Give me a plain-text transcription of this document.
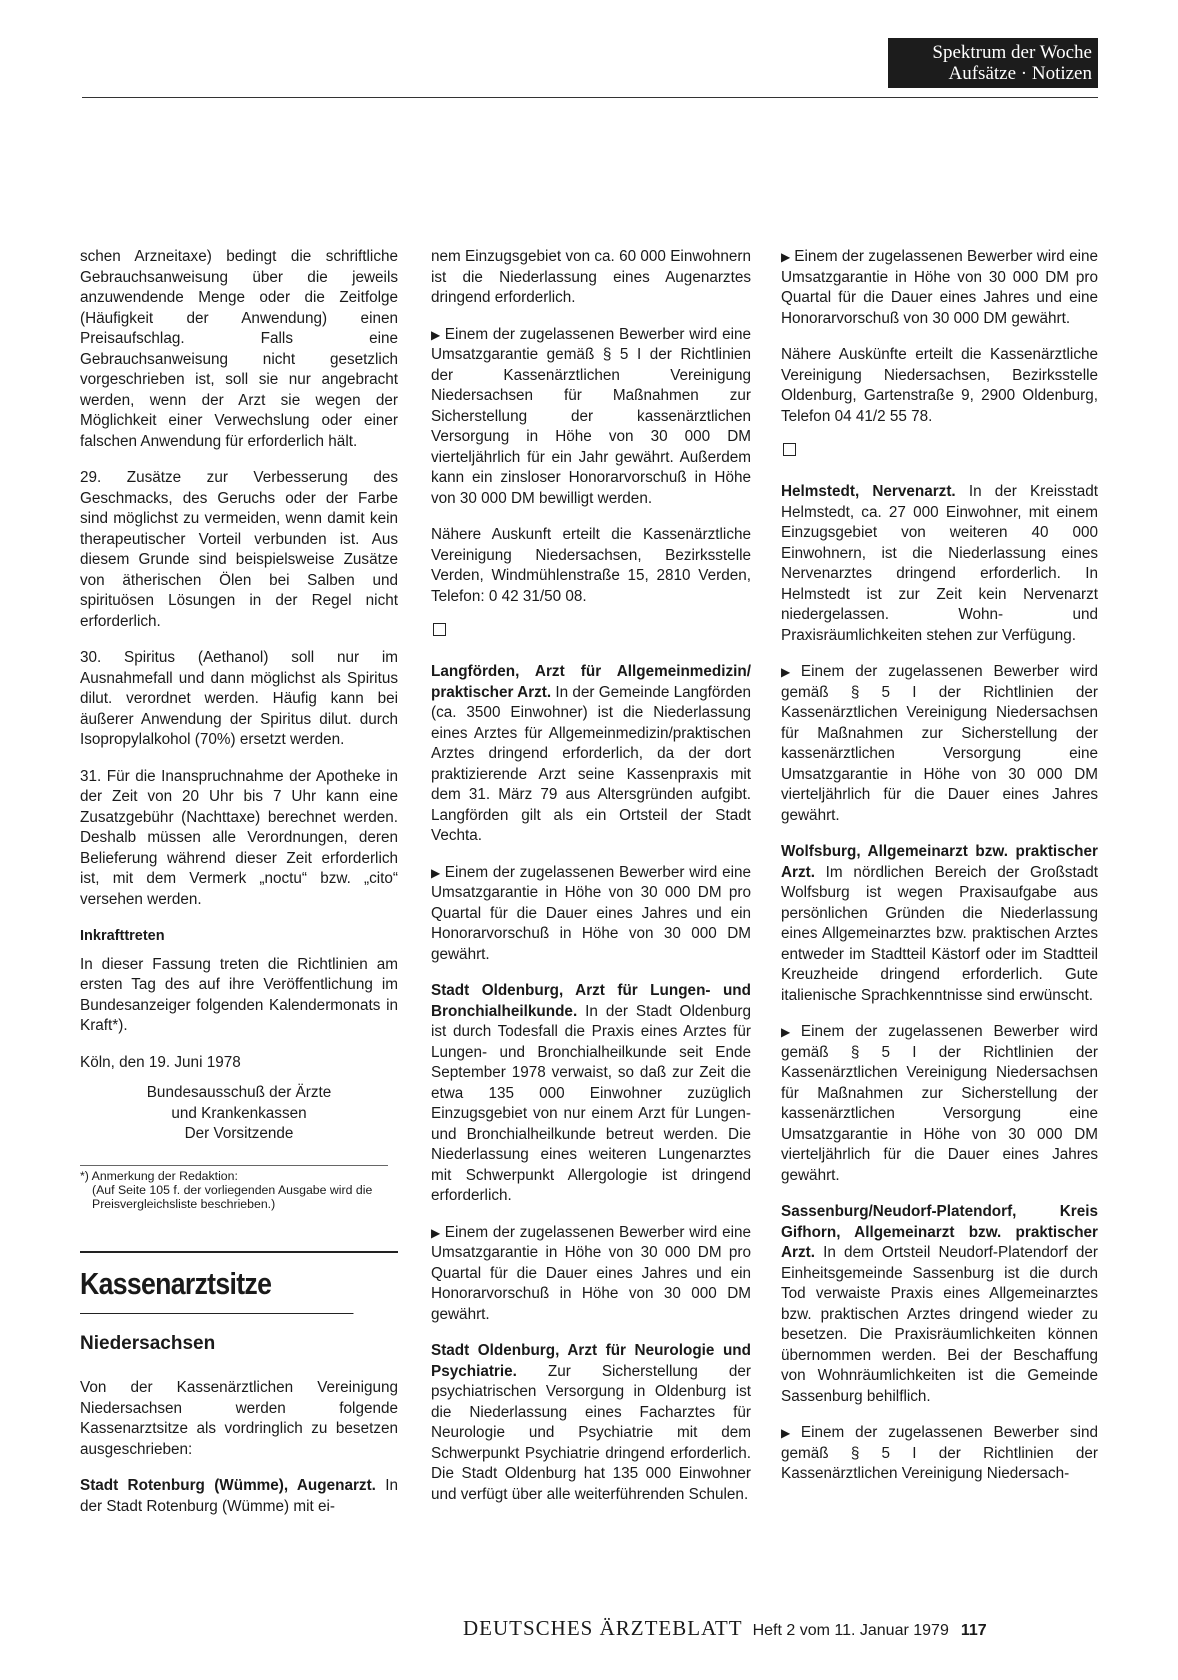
Spektrum der Woche
Aufsätze · Notizen

schen Arzneitaxe) bedingt die schriftliche Gebrauchsanweisung über die jeweils anzuwendende Menge oder die Zeitfolge (Häufigkeit der Anwendung) einen Preisaufschlag. Falls eine Gebrauchsanweisung nicht gesetzlich vorgeschrieben ist, soll sie nur angebracht werden, wenn der Arzt sie wegen der Möglichkeit einer Verwechslung oder einer falschen Anwendung für erforderlich hält.

29. Zusätze zur Verbesserung des Geschmacks, des Geruchs oder der Farbe sind möglichst zu vermeiden, wenn damit kein therapeutischer Vorteil verbunden ist. Aus diesem Grunde sind beispielsweise Zusätze von ätherischen Ölen bei Salben und spirituösen Lösungen in der Regel nicht erforderlich.

30. Spiritus (Aethanol) soll nur im Ausnahmefall und dann möglichst als Spiritus dilut. verordnet werden. Häufig kann bei äußerer Anwendung der Spiritus dilut. durch Isopropylalkohol (70%) ersetzt werden.

31. Für die Inanspruchnahme der Apotheke in der Zeit von 20 Uhr bis 7 Uhr kann eine Zusatzgebühr (Nachttaxe) berechnet werden. Deshalb müssen alle Verordnungen, deren Belieferung während dieser Zeit erforderlich ist, mit dem Vermerk „noctu“ bzw. „cito“ versehen werden.

Inkrafttreten

In dieser Fassung treten die Richtlinien am ersten Tag des auf ihre Veröffentlichung im Bundesanzeiger folgenden Kalendermonats in Kraft*).

Köln, den 19. Juni 1978
Bundesausschuß der Ärzte
und Krankenkassen
Der Vorsitzende
*) Anmerkung der Redaktion:
(Auf Seite 105 f. der vorliegenden Ausgabe wird die Preisvergleichsliste beschrieben.)
Kassenarztsitze
Niedersachsen

Von der Kassenärztlichen Vereinigung Niedersachsen werden folgende Kassenarztsitze als vordringlich zu besetzen ausgeschrieben:

Stadt Rotenburg (Wümme), Augenarzt. In der Stadt Rotenburg (Wümme) mit ei-

nem Einzugsgebiet von ca. 60 000 Einwohnern ist die Niederlassung eines Augenarztes dringend erforderlich.

▶ Einem der zugelassenen Bewerber wird eine Umsatzgarantie gemäß § 5 I der Richtlinien der Kassenärztlichen Vereinigung Niedersachsen für Maßnahmen zur Sicherstellung der kassenärztlichen Versorgung in Höhe von 30 000 DM vierteljährlich für ein Jahr gewährt. Außerdem kann ein zinsloser Honorarvorschuß in Höhe von 30 000 DM bewilligt werden.

Nähere Auskunft erteilt die Kassenärztliche Vereinigung Niedersachsen, Bezirksstelle Verden, Windmühlenstraße 15, 2810 Verden, Telefon: 0 42 31/50 08.

Langförden, Arzt für Allgemeinmedizin/ praktischer Arzt. In der Gemeinde Langförden (ca. 3500 Einwohner) ist die Niederlassung eines Arztes für Allgemeinmedizin/praktischen Arztes dringend erforderlich, da der dort praktizierende Arzt seine Kassenpraxis mit dem 31. März 79 aus Altersgründen aufgibt. Langförden gilt als ein Ortsteil der Stadt Vechta.

▶ Einem der zugelassenen Bewerber wird eine Umsatzgarantie in Höhe von 30 000 DM pro Quartal für die Dauer eines Jahres und ein Honorarvorschuß in Höhe von 30 000 DM gewährt.

Stadt Oldenburg, Arzt für Lungen- und Bronchialheilkunde. In der Stadt Oldenburg ist durch Todesfall die Praxis eines Arztes für Lungen- und Bronchialheilkunde seit Ende September 1978 verwaist, so daß zur Zeit die etwa 135 000 Einwohner zuzüglich Einzugsgebiet von nur einem Arzt für Lungen- und Bronchialheilkunde betreut werden. Die Niederlassung eines weiteren Lungenarztes mit Schwerpunkt Allergologie ist dringend erforderlich.

▶ Einem der zugelassenen Bewerber wird eine Umsatzgarantie in Höhe von 30 000 DM pro Quartal für die Dauer eines Jahres und ein Honorarvorschuß in Höhe von 30 000 DM gewährt.

Stadt Oldenburg, Arzt für Neurologie und Psychiatrie. Zur Sicherstellung der psychiatrischen Versorgung in Oldenburg ist die Niederlassung eines Facharztes für Neurologie und Psychiatrie mit dem Schwerpunkt Psychiatrie dringend erforderlich. Die Stadt Oldenburg hat 135 000 Einwohner und verfügt über alle weiterführenden Schulen.

▶ Einem der zugelassenen Bewerber wird eine Umsatzgarantie in Höhe von 30 000 DM pro Quartal für die Dauer eines Jahres und eine Honorarvorschuß von 30 000 DM gewährt.

Nähere Auskünfte erteilt die Kassenärztliche Vereinigung Niedersachsen, Bezirksstelle Oldenburg, Gartenstraße 9, 2900 Oldenburg, Telefon 04 41/2 55 78.

Helmstedt, Nervenarzt. In der Kreisstadt Helmstedt, ca. 27 000 Einwohner, mit einem Einzugsgebiet von weiteren 40 000 Einwohnern, ist die Niederlassung eines Nervenarztes dringend erforderlich. In Helmstedt ist zur Zeit kein Nervenarzt niedergelassen. Wohn- und Praxisräumlichkeiten stehen zur Verfügung.

▶ Einem der zugelassenen Bewerber wird gemäß § 5 I der Richtlinien der Kassenärztlichen Vereinigung Niedersachsen für Maßnahmen zur Sicherstellung der kassenärztlichen Versorgung eine Umsatzgarantie in Höhe von 30 000 DM vierteljährlich für die Dauer eines Jahres gewährt.

Wolfsburg, Allgemeinarzt bzw. praktischer Arzt. Im nördlichen Bereich der Großstadt Wolfsburg ist wegen Praxisaufgabe aus persönlichen Gründen die Niederlassung eines Allgemeinarztes bzw. praktischen Arztes entweder im Stadtteil Kästorf oder im Stadtteil Kreuzheide dringend erforderlich. Gute italienische Sprachkenntnisse sind erwünscht.

▶ Einem der zugelassenen Bewerber wird gemäß § 5 I der Richtlinien der Kassenärztlichen Vereinigung Niedersachsen für Maßnahmen zur Sicherstellung der kassenärztlichen Versorgung eine Umsatzgarantie in Höhe von 30 000 DM vierteljährlich für die Dauer eines Jahres gewährt.

Sassenburg/Neudorf-Platendorf, Kreis Gifhorn, Allgemeinarzt bzw. praktischer Arzt. In dem Ortsteil Neudorf-Platendorf der Einheitsgemeinde Sassenburg ist die durch Tod verwaiste Praxis eines Allgemeinarztes bzw. praktischen Arztes dringend wieder zu besetzen. Die Praxisräumlichkeiten können übernommen werden. Bei der Beschaffung von Wohnräumlichkeiten ist die Gemeinde Sassenburg behilflich.

▶ Einem der zugelassenen Bewerber sind gemäß § 5 I der Richtlinien der Kassenärztlichen Vereinigung Niedersach-

DEUTSCHES ÄRZTEBLATT Heft 2 vom 11. Januar 1979 117
